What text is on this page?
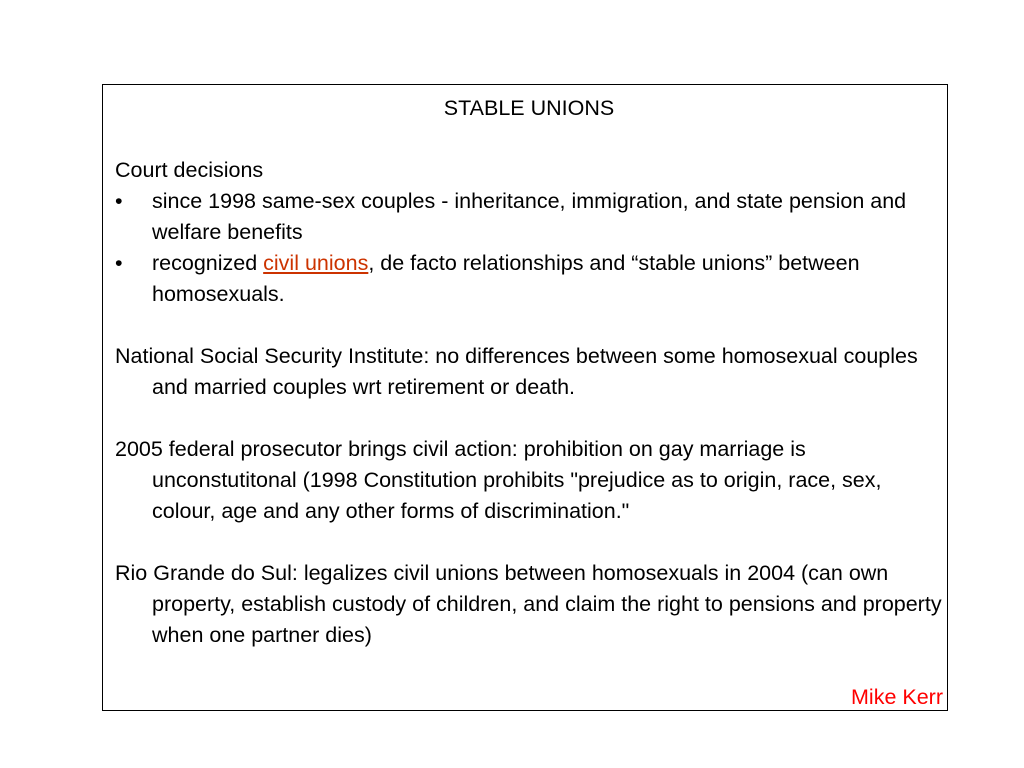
STABLE UNIONS

Court decisions

•	since 1998 same-sex couples - inheritance, immigration, and state pension and welfare benefits

•	recognized civil unions, de facto relationships and “stable unions” between homosexuals.

National Social Security Institute: no differences between some homosexual couples and married couples wrt retirement or death.

2005 federal prosecutor brings civil action: prohibition on gay marriage is unconstutitonal (1998 Constitution prohibits "prejudice as to origin, race, sex, colour, age and any other forms of discrimination."

Rio Grande do Sul: legalizes civil unions between homosexuals in 2004 (can own property, establish custody of children, and claim the right to pensions and property when one partner dies)

Mike Kerr
